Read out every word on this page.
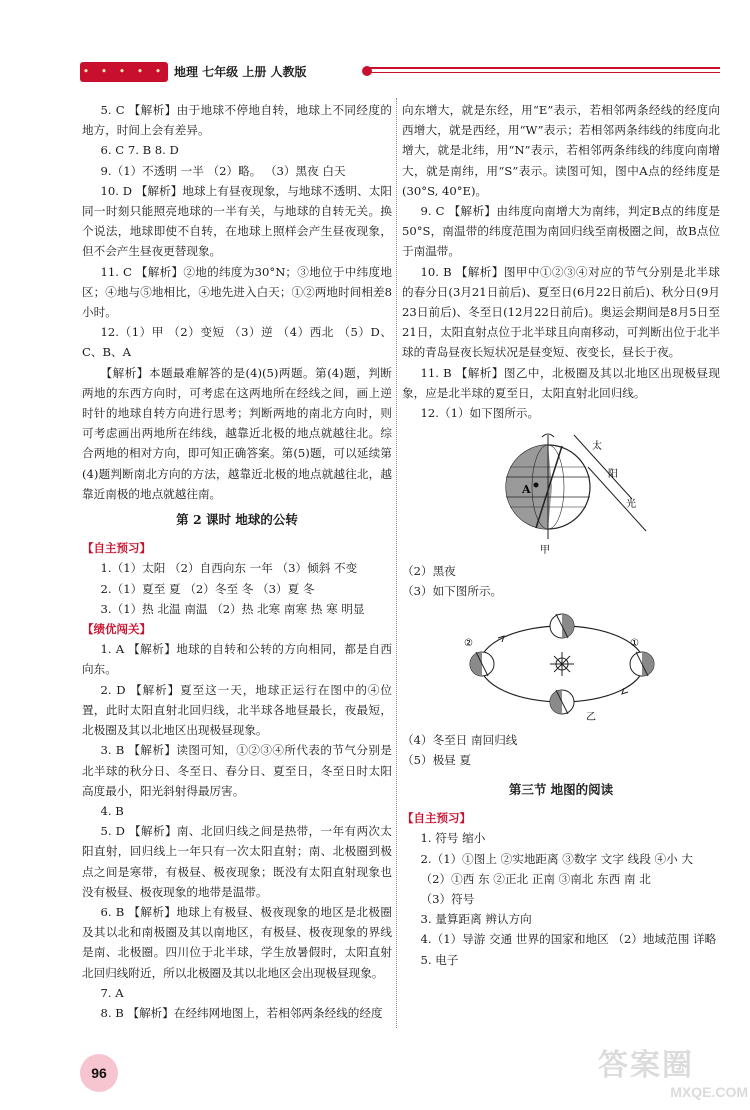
• • • • • 地理 七年级 上册 人教版

5. C 【解析】由于地球不停地自转，地球上不同经度的地方，时间上会有差异。

6. C 7. B 8. D

9.（1）不透明 一半 （2）略。 （3）黑夜 白天

10. D 【解析】地球上有昼夜现象，与地球不透明、太阳同一时刻只能照亮地球的一半有关，与地球的自转无关。换个说法，地球即使不自转，在地球上照样会产生昼夜现象，但不会产生昼夜更替现象。

11. C 【解析】②地的纬度为30°N；③地位于中纬度地区；④地与⑤地相比，④地先进入白天；①②两地时间相差8小时。

12.（1）甲 （2）变短 （3）逆 （4）西北 （5）D、C、B、A

【解析】本题最难解答的是(4)(5)两题。第(4)题，判断两地的东西方向时，可考虑在这两地所在经线之间，画上逆时针的地球自转方向进行思考；判断两地的南北方向时，则可考虑画出两地所在纬线，越靠近北极的地点就越往北。综合两地的相对方向，即可知正确答案。第(5)题，可以延续第(4)题判断南北方向的方法，越靠近北极的地点就越往北，越靠近南极的地点就越往南。

第 2 课时 地球的公转
【自主预习】

1.（1）太阳 （2）自西向东 一年 （3）倾斜 不变

2.（1）夏至 夏 （2）冬至 冬 （3）夏 冬

3.（1）热 北温 南温 （2）热 北寒 南寒 热 寒 明显

【绩优闯关】

1. A 【解析】地球的自转和公转的方向相同，都是自西向东。

2. D 【解析】夏至这一天，地球正运行在图中的④位置，此时太阳直射北回归线，北半球各地昼最长，夜最短，北极圈及其以北地区出现极昼现象。

3. B 【解析】读图可知，①②③④所代表的节气分别是北半球的秋分日、冬至日、春分日、夏至日，冬至日时太阳高度最小，阳光斜射得最厉害。

4. B

5. D 【解析】南、北回归线之间是热带，一年有两次太阳直射，回归线上一年只有一次太阳直射；南、北极圈到极点之间是寒带，有极昼、极夜现象；既没有太阳直射现象也没有极昼、极夜现象的地带是温带。

6. B 【解析】地球上有极昼、极夜现象的地区是北极圈及其以北和南极圈及其以南地区，有极昼、极夜现象的界线是南、北极圈。四川位于北半球，学生放暑假时，太阳直射北回归线附近，所以北极圈及其以北地区会出现极昼现象。

7. A

8. B 【解析】在经纬网地图上，若相邻两条经线的经度

向东增大，就是东经，用“E”表示，若相邻两条经线的经度向西增大，就是西经，用“W”表示；若相邻两条纬线的纬度向北增大，就是北纬，用“N”表示，若相邻两条纬线的纬度向南增大，就是南纬，用“S”表示。读图可知，图中A点的经纬度是(30°S, 40°E)。

9. C 【解析】由纬度向南增大为南纬，判定B点的纬度是50°S，南温带的纬度范围为南回归线至南极圈之间，故B点位于南温带。

10. B 【解析】图甲中①②③④对应的节气分别是北半球的春分日(3月21日前后)、夏至日(6月22日前后)、秋分日(9月23日前后)、冬至日(12月22日前后)。奥运会期间是8月5日至21日，太阳直射点位于北半球且向南移动，可判断出位于北半球的青岛昼夜长短状况是昼变短、夜变长，昼长于夜。

11. B 【解析】图乙中，北极圈及其以北地区出现极昼现象，应是北半球的夏至日，太阳直射北回归线。

12.（1）如下图所示。

A
太
阳
光
甲

（2）黑夜

（3）如下图所示。

②	①
乙

（4）冬至日 南回归线

（5）极昼 夏

第三节 地图的阅读
【自主预习】

1. 符号 缩小

2.（1）①图上 ②实地距离 ③数字 文字 线段 ④小 大

（2）①西 东 ②正北 正南 ③南北 东西 南 北

（3）符号

3. 量算距离 辨认方向

4.（1）导游 交通 世界的国家和地区 （2）地域范围 详略

5. 电子

96	答案圈
MXQE.COM
